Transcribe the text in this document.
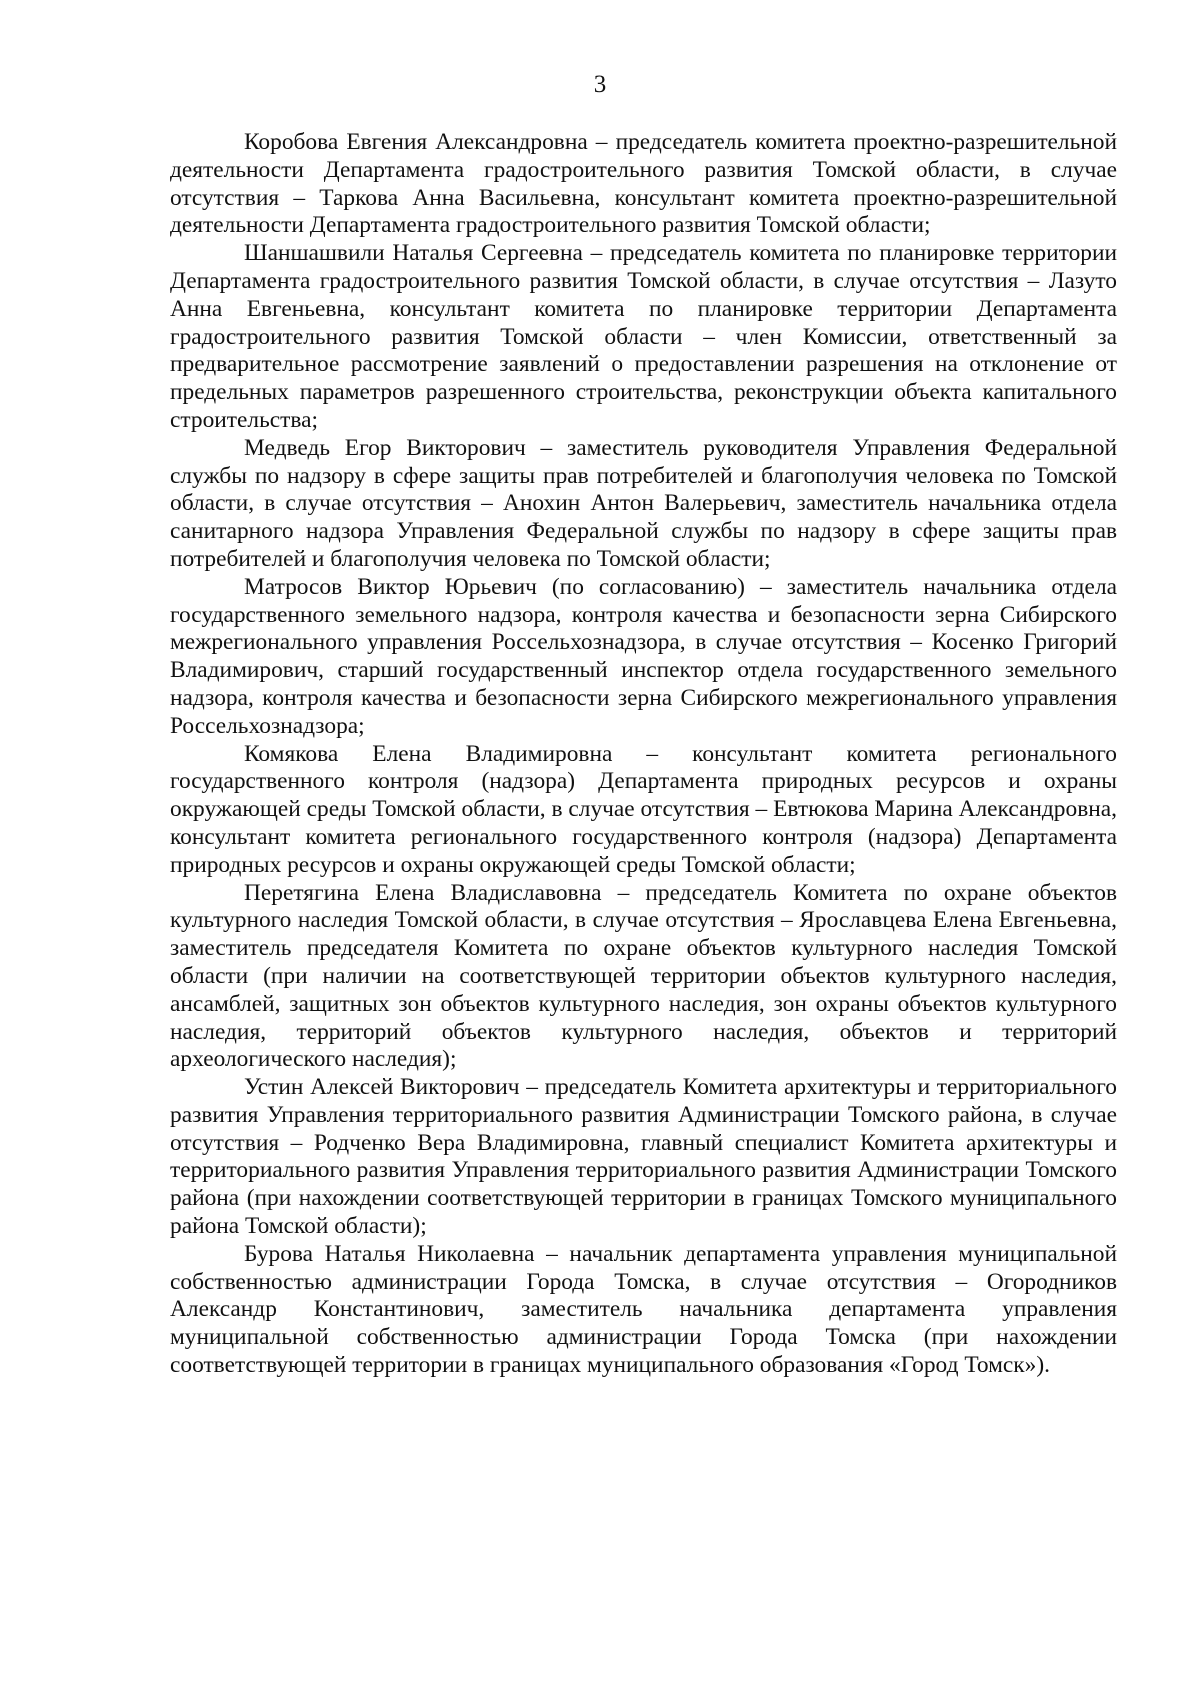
3

Коробова Евгения Александровна – председатель комитета проектно-разрешительной деятельности Департамента градостроительного развития Томской области, в случае отсутствия – Таркова Анна Васильевна, консультант комитета проектно-разрешительной деятельности Департамента градостроительного развития Томской области;

Шаншашвили Наталья Сергеевна – председатель комитета по планировке территории Департамента градостроительного развития Томской области, в случае отсутствия – Лазуто Анна Евгеньевна, консультант комитета по планировке территории Департамента градостроительного развития Томской области – член Комиссии, ответственный за предварительное рассмотрение заявлений о предоставлении разрешения на отклонение от предельных параметров разрешенного строительства, реконструкции объекта капитального строительства;

Медведь Егор Викторович – заместитель руководителя Управления Федеральной службы по надзору в сфере защиты прав потребителей и благополучия человека по Томской области, в случае отсутствия – Анохин Антон Валерьевич, заместитель начальника отдела санитарного надзора Управления Федеральной службы по надзору в сфере защиты прав потребителей и благополучия человека по Томской области;

Матросов Виктор Юрьевич (по согласованию) – заместитель начальника отдела государственного земельного надзора, контроля качества и безопасности зерна Сибирского межрегионального управления Россельхознадзора, в случае отсутствия – Косенко Григорий Владимирович, старший государственный инспектор отдела государственного земельного надзора, контроля качества и безопасности зерна Сибирского межрегионального управления Россельхознадзора;

Комякова Елена Владимировна – консультант комитета регионального государственного контроля (надзора) Департамента природных ресурсов и охраны окружающей среды Томской области, в случае отсутствия – Евтюкова Марина Александровна, консультант комитета регионального государственного контроля (надзора) Департамента природных ресурсов и охраны окружающей среды Томской области;

Перетягина Елена Владиславовна – председатель Комитета по охране объектов культурного наследия Томской области, в случае отсутствия – Ярославцева Елена Евгеньевна, заместитель председателя Комитета по охране объектов культурного наследия Томской области (при наличии на соответствующей территории объектов культурного наследия, ансамблей, защитных зон объектов культурного наследия, зон охраны объектов культурного наследия, территорий объектов культурного наследия, объектов и территорий археологического наследия);

Устин Алексей Викторович – председатель Комитета архитектуры и территориального развития Управления территориального развития Администрации Томского района, в случае отсутствия – Родченко Вера Владимировна, главный специалист Комитета архитектуры и территориального развития Управления территориального развития Администрации Томского района (при нахождении соответствующей территории в границах Томского муниципального района Томской области);

Бурова Наталья Николаевна – начальник департамента управления муниципальной собственностью администрации Города Томска, в случае отсутствия – Огородников Александр Константинович, заместитель начальника департамента управления муниципальной собственностью администрации Города Томска (при нахождении соответствующей территории в границах муниципального образования «Город Томск»).
